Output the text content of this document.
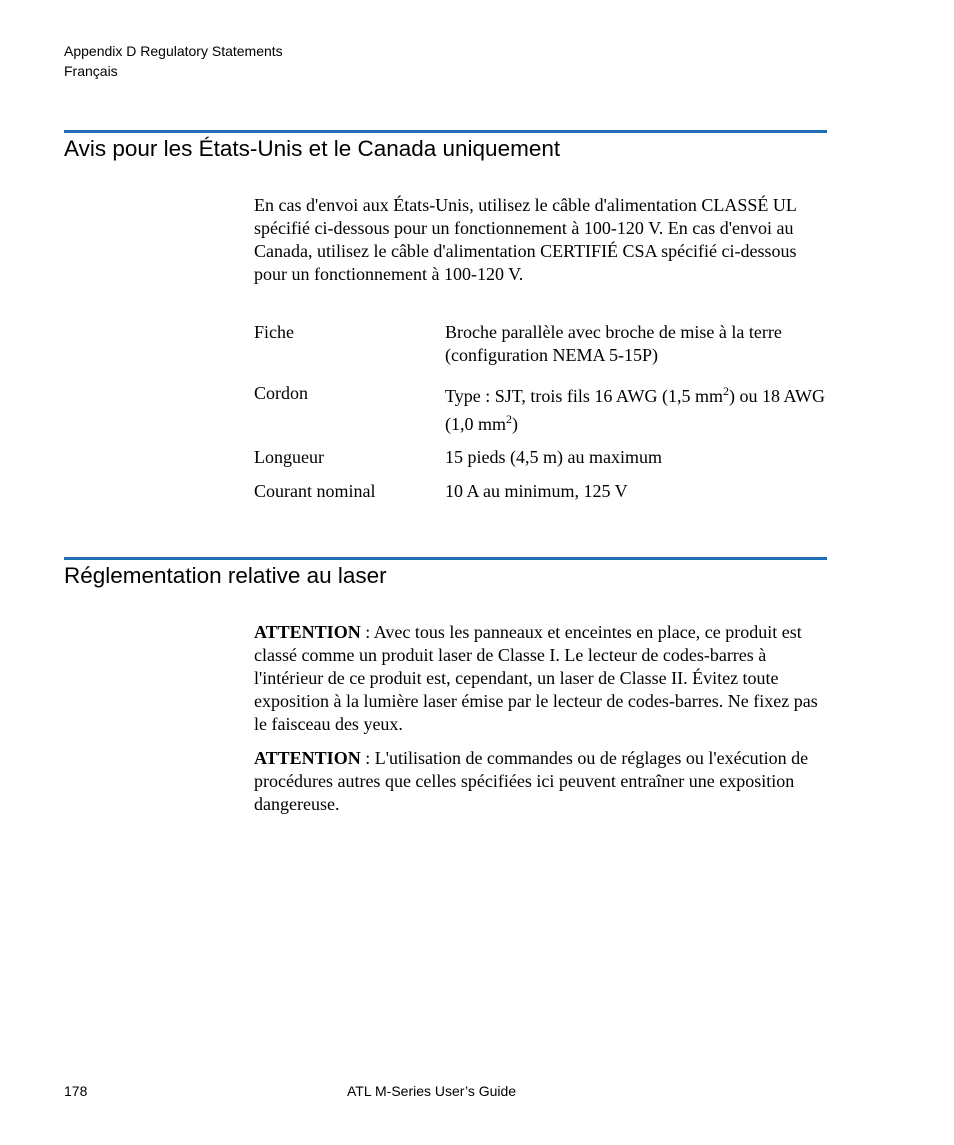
Appendix D Regulatory Statements
Français
Avis pour les États-Unis et le Canada uniquement

En cas d'envoi aux États-Unis, utilisez le câble d'alimentation CLASSÉ UL spécifié ci-dessous pour un fonctionnement à 100-120 V. En cas d'envoi au Canada, utilisez le câble d'alimentation CERTIFIÉ CSA spécifié ci-dessous pour un fonctionnement à 100-120 V.

Fiche	Broche parallèle avec broche de mise à la terre (configuration NEMA 5-15P)
Cordon	Type : SJT, trois fils 16 AWG (1,5 $mm^2$) ou 18 AWG (1,0 $mm^2$)
Longueur	15 pieds (4,5 m) au maximum
Courant nominal	10 A au minimum, 125 V
Réglementation relative au laser

ATTENTION : Avec tous les panneaux et enceintes en place, ce produit est classé comme un produit laser de Classe I. Le lecteur de codes-barres à l'intérieur de ce produit est, cependant, un laser de Classe II. Évitez toute exposition à la lumière laser émise par le lecteur de codes-barres. Ne fixez pas le faisceau des yeux.

ATTENTION : L'utilisation de commandes ou de réglages ou l'exécution de procédures autres que celles spécifiées ici peuvent entraîner une exposition dangereuse.

178	ATL M-Series User’s Guide
